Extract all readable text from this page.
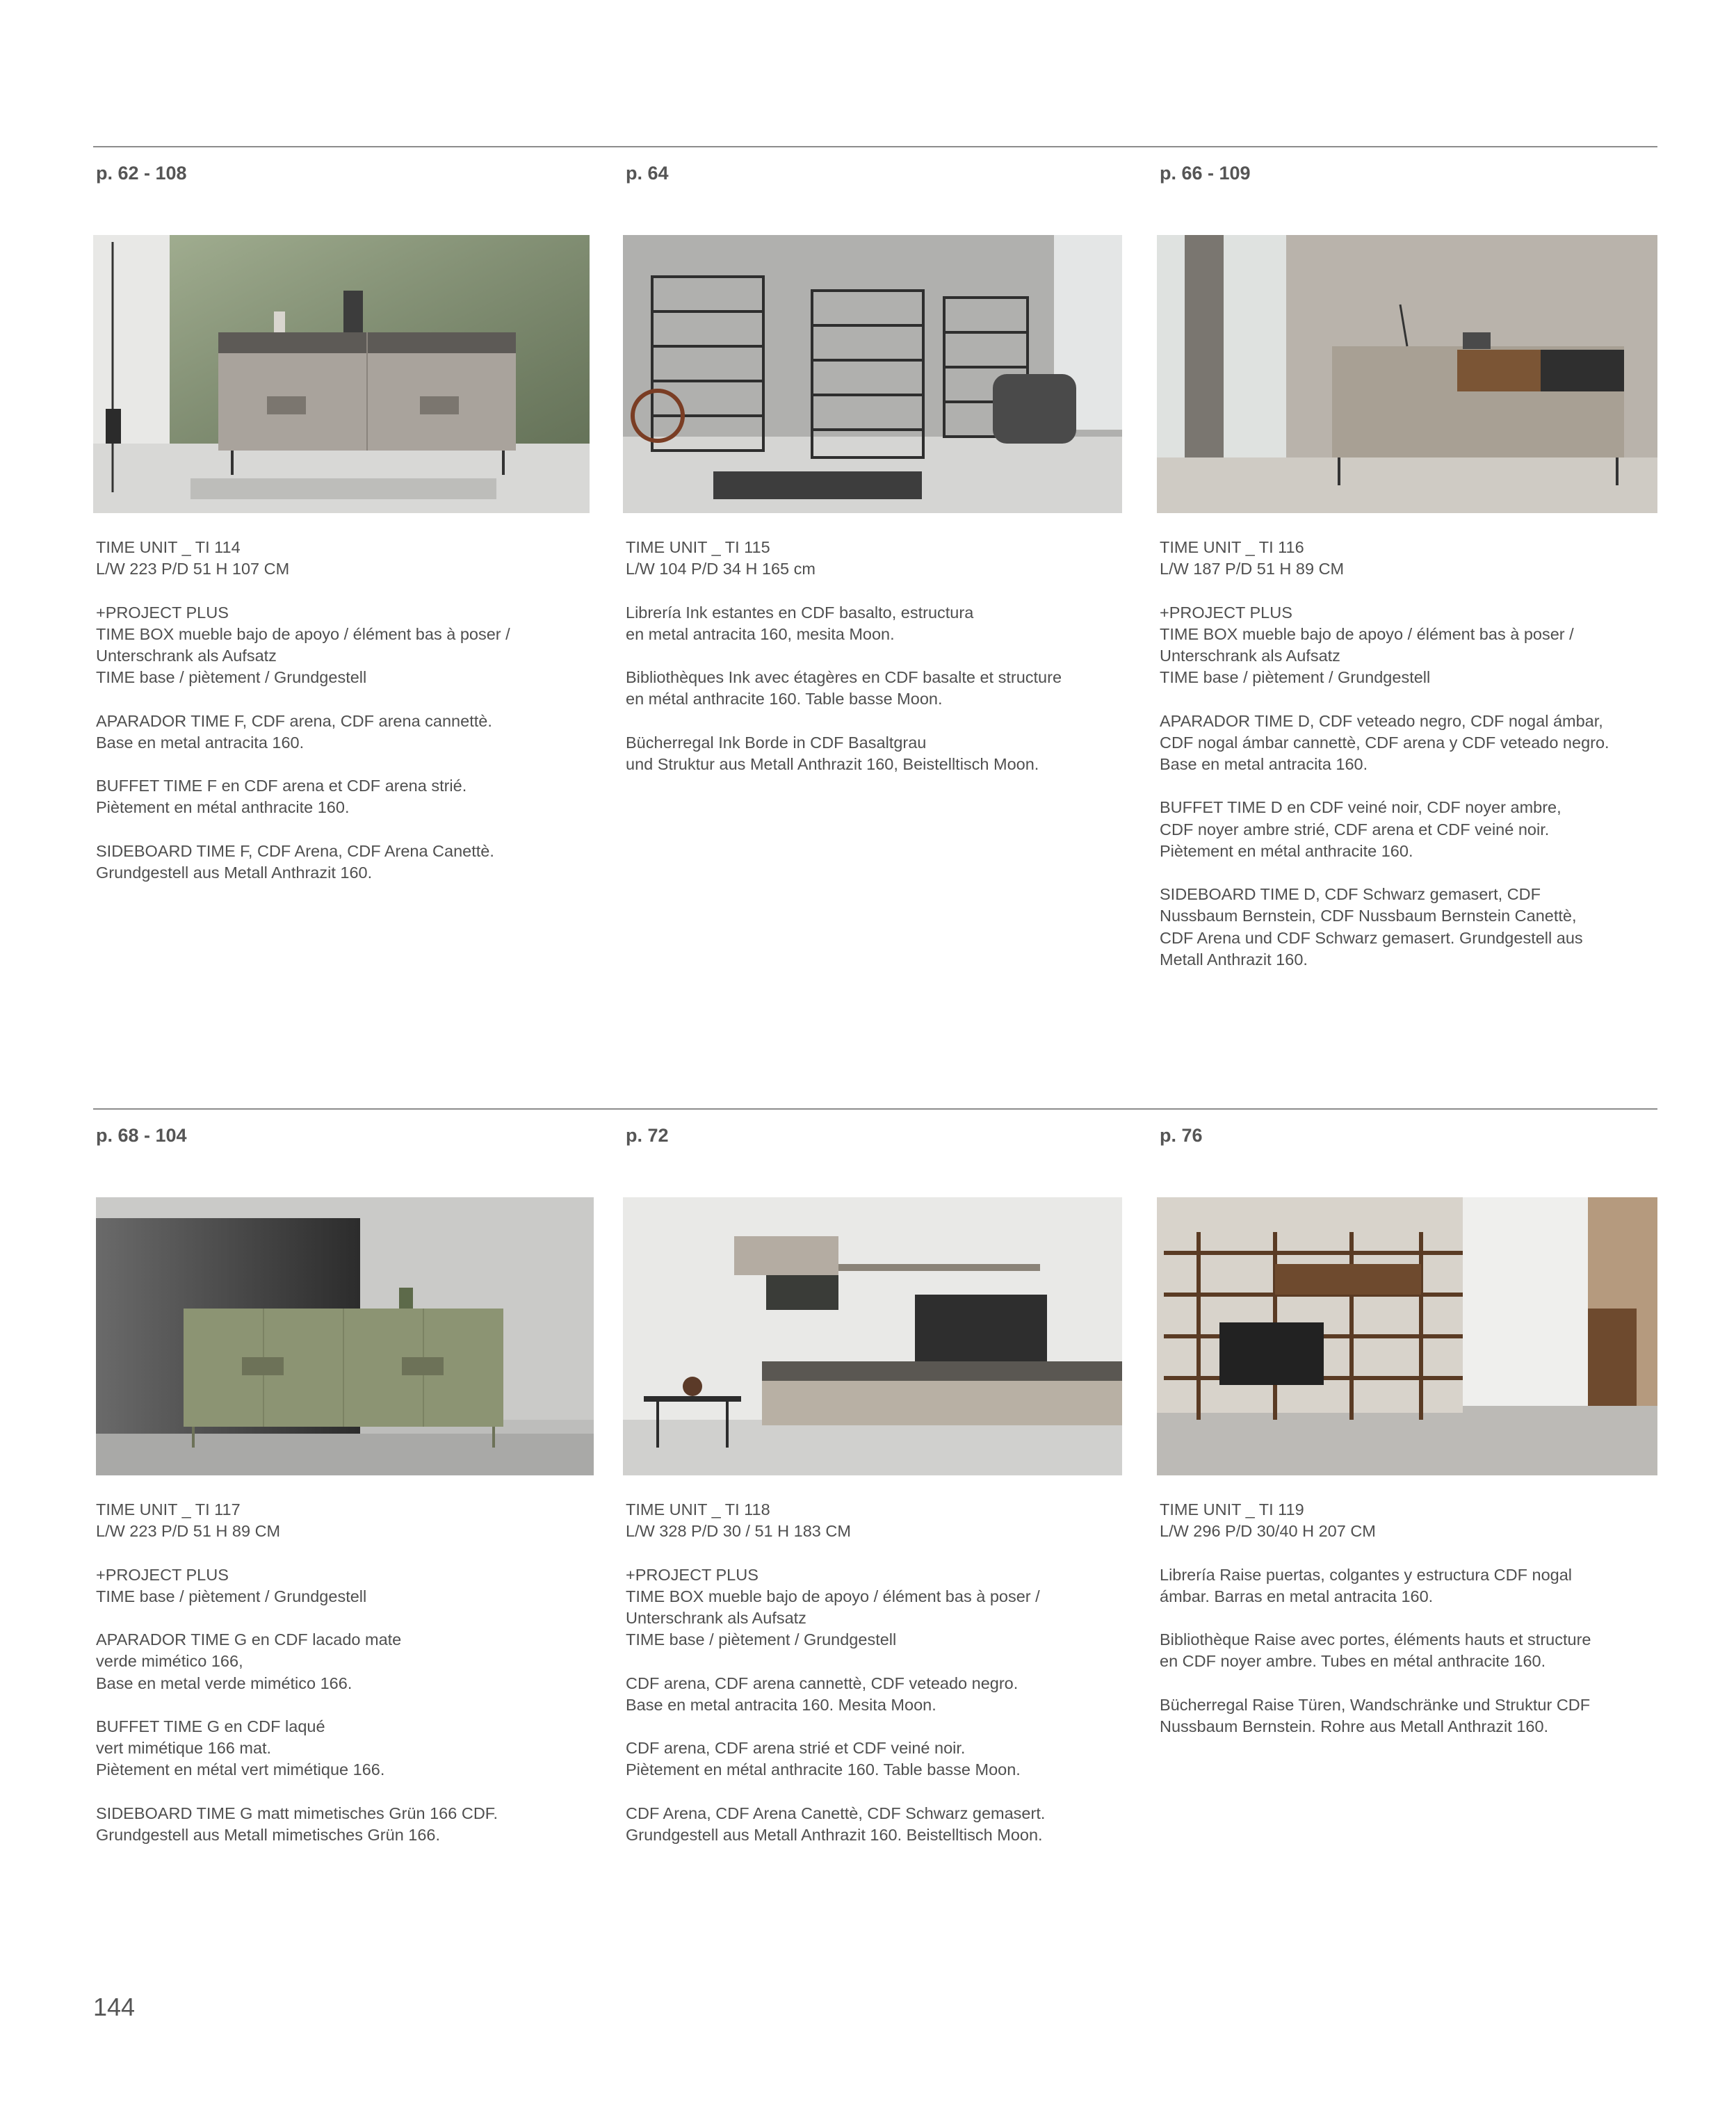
p. 62 - 108

TIME UNIT _ TI 114
L/W 223 P/D 51 H 107 CM

+PROJECT PLUS
TIME BOX mueble bajo de apoyo / élément bas à poser /
Unterschrank als Aufsatz
TIME base / piètement / Grundgestell

APARADOR TIME F, CDF arena, CDF arena cannettè.
Base en metal antracita 160.

BUFFET TIME F en CDF arena et CDF arena strié.
Piètement en métal anthracite 160.

SIDEBOARD TIME F, CDF Arena, CDF Arena Canettè.
Grundgestell aus Metall Anthrazit 160.

p. 64

TIME UNIT _ TI 115
L/W 104 P/D 34 H 165 cm

Librería Ink estantes en CDF basalto, estructura
en metal antracita 160, mesita Moon.

Bibliothèques Ink avec étagères en CDF basalte et structure
en métal anthracite 160. Table basse Moon.

Bücherregal Ink Borde in CDF Basaltgrau
und Struktur aus Metall Anthrazit 160, Beistelltisch Moon.

p. 66 - 109

TIME UNIT _ TI 116
L/W 187 P/D 51 H 89 CM

+PROJECT PLUS
TIME BOX mueble bajo de apoyo / élément bas à poser /
Unterschrank als Aufsatz
TIME base / piètement / Grundgestell

APARADOR TIME D, CDF veteado negro, CDF nogal ámbar,
CDF nogal ámbar cannettè, CDF arena y CDF veteado negro.
Base en metal antracita 160.

BUFFET TIME D en CDF veiné noir, CDF noyer ambre,
CDF noyer ambre strié, CDF arena et CDF veiné noir.
Piètement en métal anthracite 160.

SIDEBOARD TIME D, CDF Schwarz gemasert, CDF
Nussbaum Bernstein, CDF Nussbaum Bernstein Canettè,
CDF Arena und CDF Schwarz gemasert. Grundgestell aus
Metall Anthrazit 160.

p. 68 - 104

TIME UNIT _ TI 117
L/W 223 P/D 51 H 89 CM

+PROJECT PLUS
TIME base / piètement / Grundgestell

APARADOR TIME G en CDF lacado mate
verde mimético 166,
Base en metal verde mimético 166.

BUFFET TIME G en CDF laqué
vert mimétique 166 mat.
Piètement en métal vert mimétique 166.

SIDEBOARD TIME G matt mimetisches Grün 166 CDF.
Grundgestell aus Metall mimetisches Grün 166.

p. 72

TIME UNIT _ TI 118
L/W 328 P/D 30 / 51 H 183 CM

+PROJECT PLUS
TIME BOX mueble bajo de apoyo / élément bas à poser /
Unterschrank als Aufsatz
TIME base / piètement / Grundgestell

CDF arena, CDF arena cannettè, CDF veteado negro.
Base en metal antracita 160. Mesita Moon.

CDF arena, CDF arena strié et CDF veiné noir.
Piètement en métal anthracite 160. Table basse Moon.

CDF Arena, CDF Arena Canettè, CDF Schwarz gemasert.
Grundgestell aus Metall Anthrazit 160. Beistelltisch Moon.

p. 76

TIME UNIT _ TI 119
L/W 296 P/D 30/40 H 207 CM

Librería Raise puertas, colgantes y estructura CDF nogal
ámbar. Barras en metal antracita 160.

Bibliothèque Raise avec portes, éléments hauts et structure
en CDF noyer ambre. Tubes en métal anthracite 160.

Bücherregal Raise Türen, Wandschränke und Struktur CDF
Nussbaum Bernstein. Rohre aus Metall Anthrazit 160.

144
